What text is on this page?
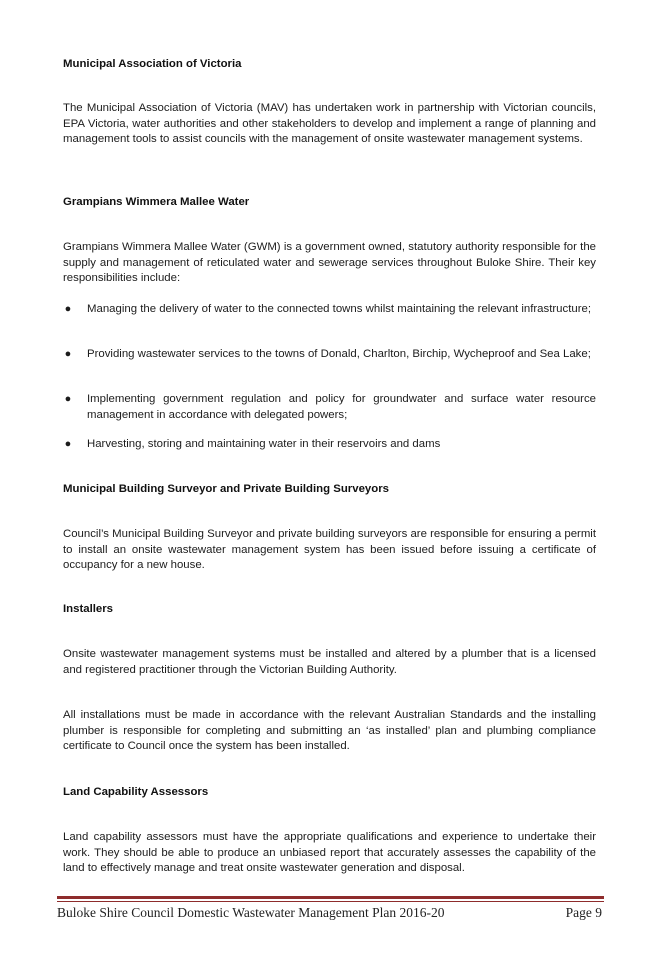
Municipal Association of Victoria
The Municipal Association of Victoria (MAV) has undertaken work in partnership with Victorian councils, EPA Victoria, water authorities and other stakeholders to develop and implement a range of planning and management tools to assist councils with the management of onsite wastewater management systems.
Grampians Wimmera Mallee Water
Grampians Wimmera Mallee Water (GWM) is a government owned, statutory authority responsible for the supply and management of reticulated water and sewerage services throughout Buloke Shire. Their key responsibilities include:
● Managing the delivery of water to the connected towns whilst maintaining the relevant infrastructure;
● Providing wastewater services to the towns of Donald, Charlton, Birchip, Wycheproof and Sea Lake;
● Implementing government regulation and policy for groundwater and surface water resource management in accordance with delegated powers;
● Harvesting, storing and maintaining water in their reservoirs and dams
Municipal Building Surveyor and Private Building Surveyors
Council’s Municipal Building Surveyor and private building surveyors are responsible for ensuring a permit to install an onsite wastewater management system has been issued before issuing a certificate of occupancy for a new house.
Installers
Onsite wastewater management systems must be installed and altered by a plumber that is a licensed and registered practitioner through the Victorian Building Authority.
All installations must be made in accordance with the relevant Australian Standards and the installing plumber is responsible for completing and submitting an ‘as installed’ plan and plumbing compliance certificate to Council once the system has been installed.
Land Capability Assessors
Land capability assessors must have the appropriate qualifications and experience to undertake their work. They should be able to produce an unbiased report that accurately assesses the capability of the land to effectively manage and treat onsite wastewater generation and disposal.
Buloke Shire Council Domestic Wastewater Management Plan 2016-20	Page 9
